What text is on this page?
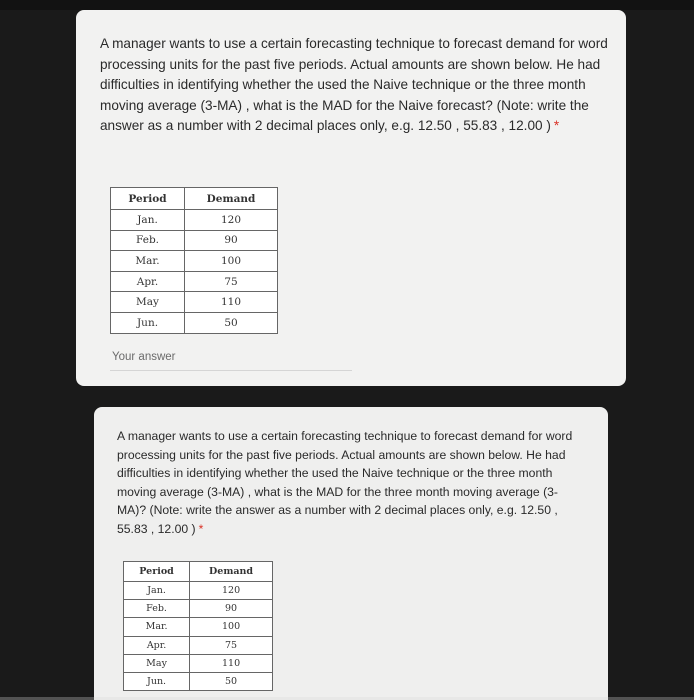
A manager wants to use a certain forecasting technique to forecast demand for word processing units for the past five periods. Actual amounts are shown below. He had difficulties in identifying whether the used the Naive technique or the three month moving average (3-MA) , what is the MAD for the Naive forecast? (Note: write the answer as a number with 2 decimal places only, e.g. 12.50 , 55.83 , 12.00 ) *

Period	Demand
Jan.	120
Feb.	90
Mar.	100
Apr.	75
May	110
Jun.	50
Your answer

A manager wants to use a certain forecasting technique to forecast demand for word processing units for the past five periods. Actual amounts are shown below. He had difficulties in identifying whether the used the Naive technique or the three month moving average (3-MA) , what is the MAD for the three month moving average (3-MA)? (Note: write the answer as a number with 2 decimal places only, e.g. 12.50 , 55.83 , 12.00 ) *

Period	Demand
Jan.	120
Feb.	90
Mar.	100
Apr.	75
May	110
Jun.	50
